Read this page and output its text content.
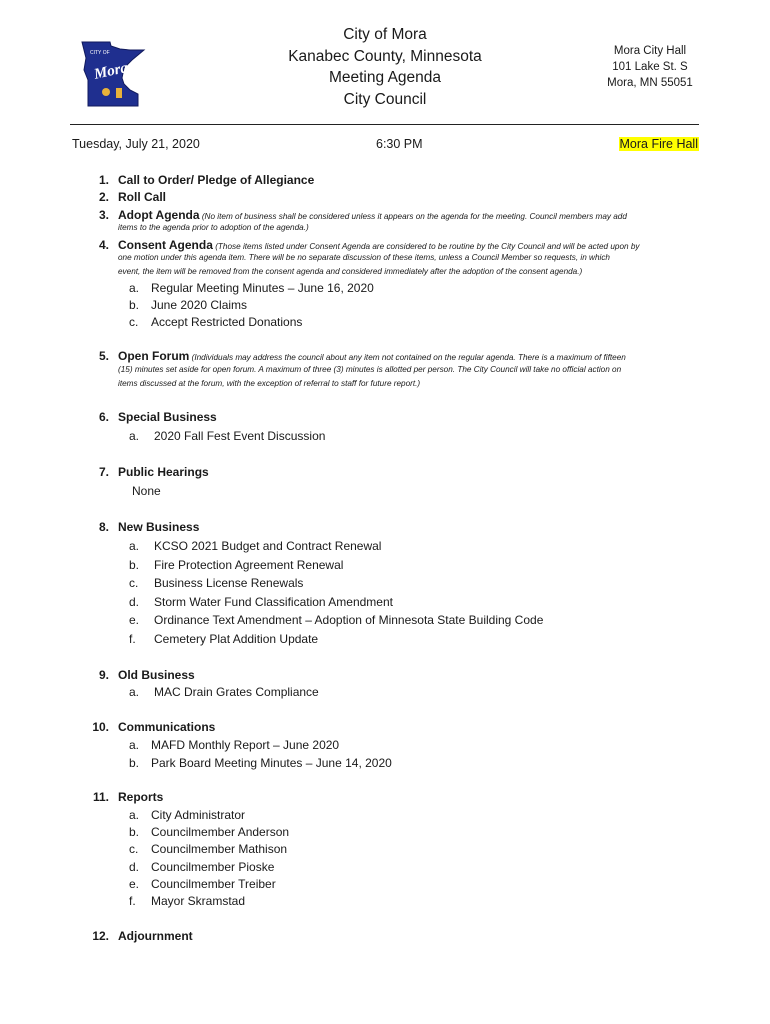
CITY OF
Mora
City of Mora
Kanabec County, Minnesota
Meeting Agenda
City Council
Mora City Hall
101 Lake St. S
Mora, MN 55051
Tuesday, July 21, 2020	6:30 PM	Mora Fire Hall
1. Call to Order/ Pledge of Allegiance
2. Roll Call
3. Adopt Agenda (No item of business shall be considered unless it appears on the agenda for the meeting. Council members may add
items to the agenda prior to adoption of the agenda.)
4. Consent Agenda (Those items listed under Consent Agenda are considered to be routine by the City Council and will be acted upon by
one motion under this agenda item. There will be no separate discussion of these items, unless a Council Member so requests, in which
event, the item will be removed from the consent agenda and considered immediately after the adoption of the consent agenda.)
a. Regular Meeting Minutes – June 16, 2020
b. June 2020 Claims
c. Accept Restricted Donations
5. Open Forum (Individuals may address the council about any item not contained on the regular agenda. There is a maximum of fifteen
(15) minutes set aside for open forum. A maximum of three (3) minutes is allotted per person. The City Council will take no official action on
items discussed at the forum, with the exception of referral to staff for future report.)
6. Special Business
a. 2020 Fall Fest Event Discussion
7. Public Hearings
None
8. New Business
a. KCSO 2021 Budget and Contract Renewal
b. Fire Protection Agreement Renewal
c. Business License Renewals
d. Storm Water Fund Classification Amendment
e. Ordinance Text Amendment – Adoption of Minnesota State Building Code
f. Cemetery Plat Addition Update
9. Old Business
a. MAC Drain Grates Compliance
10. Communications
a. MAFD Monthly Report – June 2020
b. Park Board Meeting Minutes – June 14, 2020
11. Reports
a. City Administrator
b. Councilmember Anderson
c. Councilmember Mathison
d. Councilmember Pioske
e. Councilmember Treiber
f. Mayor Skramstad
12. Adjournment
